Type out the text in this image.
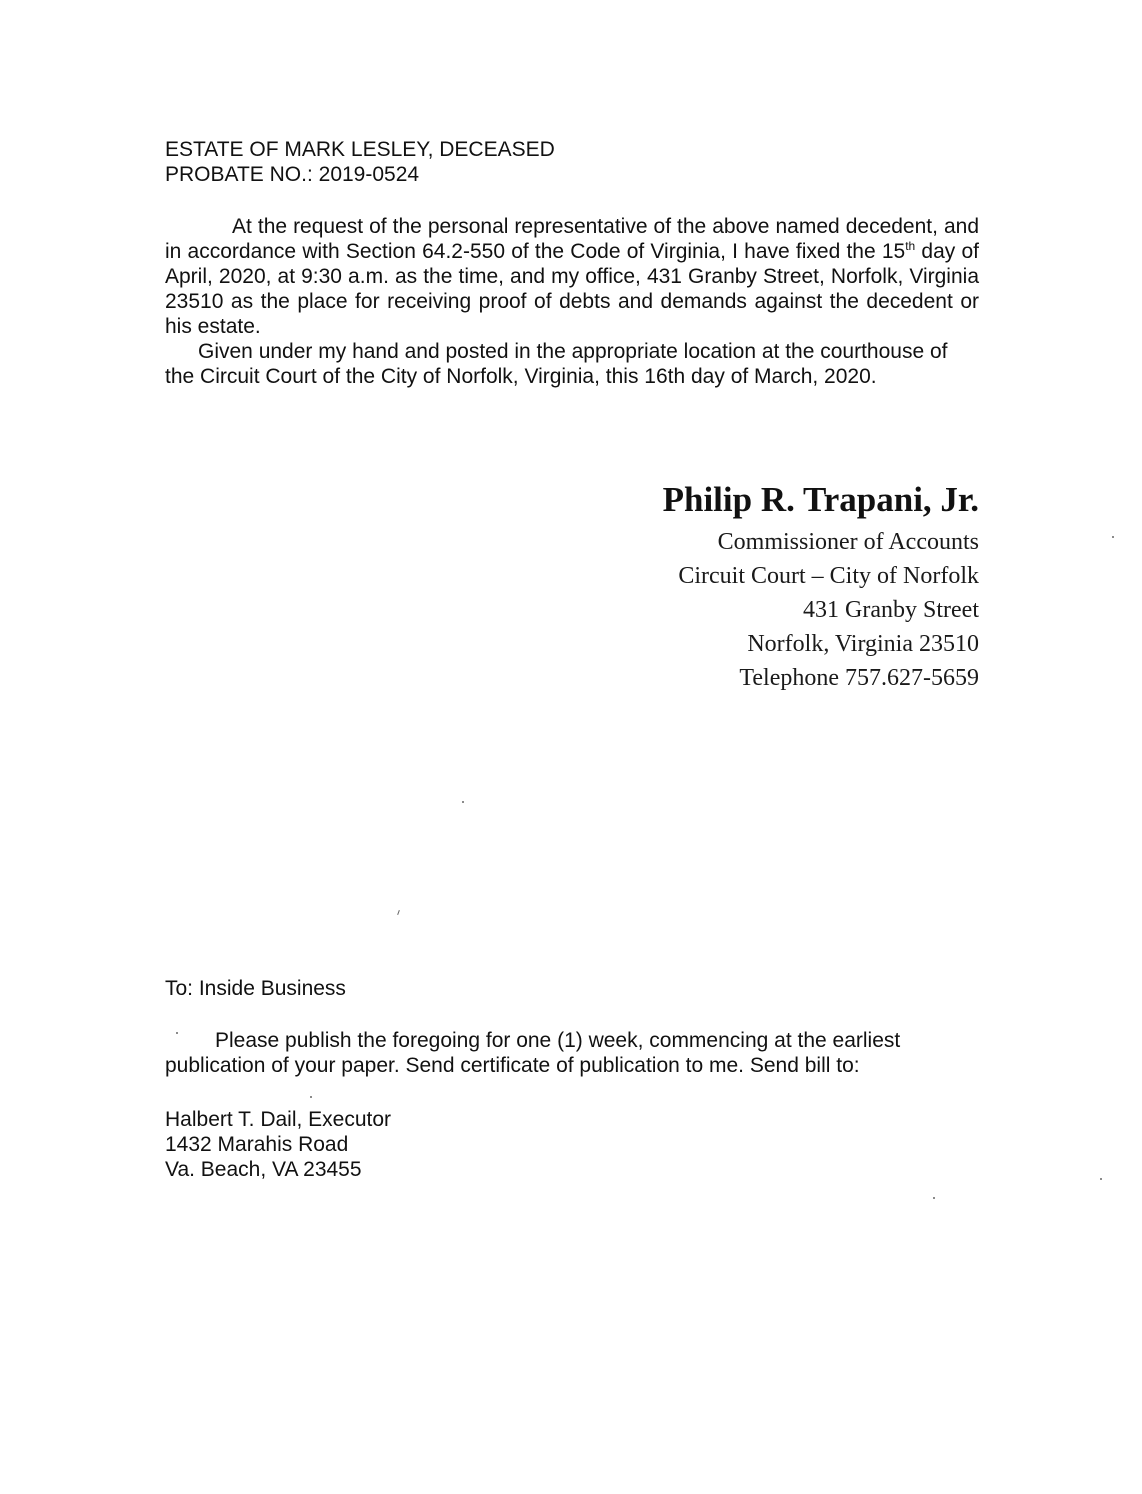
ESTATE OF MARK LESLEY, DECEASED
PROBATE NO.: 2019-0524

At the request of the personal representative of the above named decedent, and in accordance with Section 64.2-550 of the Code of Virginia, I have fixed the 15th day of April, 2020, at 9:30 a.m. as the time, and my office, 431 Granby Street, Norfolk, Virginia 23510 as the place for receiving proof of debts and demands against the decedent or his estate.

Given under my hand and posted in the appropriate location at the courthouse of the Circuit Court of the City of Norfolk, Virginia, this 16th day of March, 2020.

Philip R. Trapani, Jr.
Commissioner of Accounts
Circuit Court – City of Norfolk
431 Granby Street
Norfolk, Virginia 23510
Telephone 757.627-5659
To: Inside Business

Please publish the foregoing for one (1) week, commencing at the earliest publication of your paper. Send certificate of publication to me. Send bill to:

Halbert T. Dail, Executor
1432 Marahis Road
Va. Beach, VA 23455
